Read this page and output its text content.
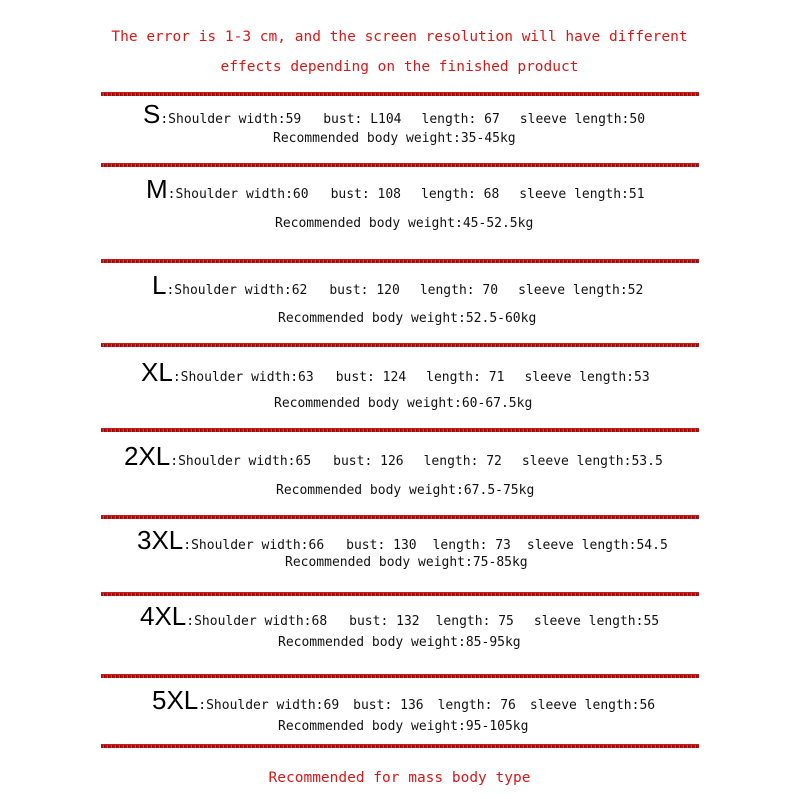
The error is 1-3 cm, and the screen resolution will have different
effects depending on the finished product
S : Shoulder width:59 bust: L104 length: 67 sleeve length:50
Recommended body weight:35-45kg
M : Shoulder width:60 bust: 108 length: 68 sleeve length:51
Recommended body weight:45-52.5kg
L : Shoulder width:62 bust: 120 length: 70 sleeve length:52
Recommended body weight:52.5-60kg
XL : Shoulder width:63 bust: 124 length: 71 sleeve length:53
Recommended body weight:60-67.5kg
2XL : Shoulder width:65 bust: 126 length: 72 sleeve length:53.5
Recommended body weight:67.5-75kg
3XL : Shoulder width:66 bust: 130 length: 73 sleeve length:54.5
Recommended body weight:75-85kg
4XL : Shoulder width:68 bust: 132 length: 75 sleeve length:55
Recommended body weight:85-95kg
5XL : Shoulder width:69 bust: 136 length: 76 sleeve length:56
Recommended body weight:95-105kg
Recommended for mass body type
